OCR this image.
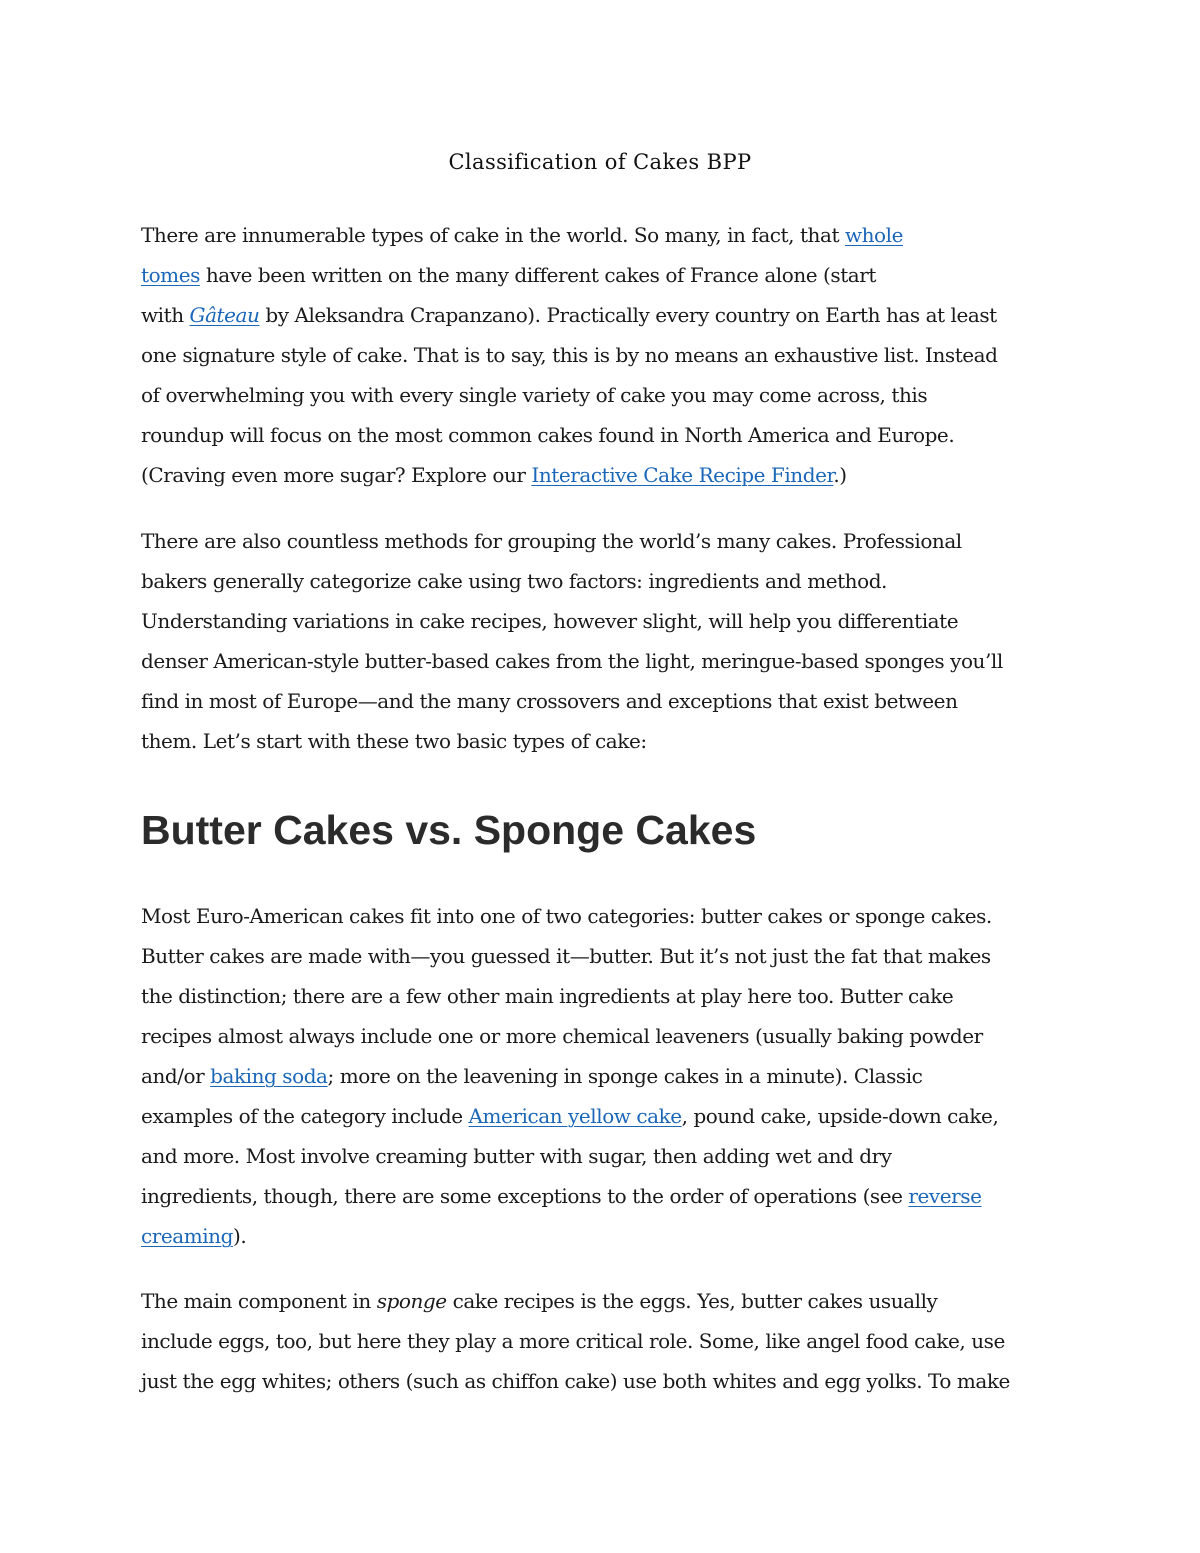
Classification of Cakes BPP
There are innumerable types of cake in the world. So many, in fact, that whole
tomes have been written on the many different cakes of France alone (start
with Gâteau by Aleksandra Crapanzano). Practically every country on Earth has at least
one signature style of cake. That is to say, this is by no means an exhaustive list. Instead
of overwhelming you with every single variety of cake you may come across, this
roundup will focus on the most common cakes found in North America and Europe.
(Craving even more sugar? Explore our Interactive Cake Recipe Finder.)
There are also countless methods for grouping the world’s many cakes. Professional
bakers generally categorize cake using two factors: ingredients and method.
Understanding variations in cake recipes, however slight, will help you differentiate
denser American-style butter-based cakes from the light, meringue-based sponges you’ll
find in most of Europe—and the many crossovers and exceptions that exist between
them. Let’s start with these two basic types of cake:
Butter Cakes vs. Sponge Cakes
Most Euro-American cakes fit into one of two categories: butter cakes or sponge cakes.
Butter cakes are made with—you guessed it—butter. But it’s not just the fat that makes
the distinction; there are a few other main ingredients at play here too. Butter cake
recipes almost always include one or more chemical leaveners (usually baking powder
and/or baking soda; more on the leavening in sponge cakes in a minute). Classic
examples of the category include American yellow cake, pound cake, upside-down cake,
and more. Most involve creaming butter with sugar, then adding wet and dry
ingredients, though, there are some exceptions to the order of operations (see reverse
creaming).
The main component in sponge cake recipes is the eggs. Yes, butter cakes usually
include eggs, too, but here they play a more critical role. Some, like angel food cake, use
just the egg whites; others (such as chiffon cake) use both whites and egg yolks. To make
